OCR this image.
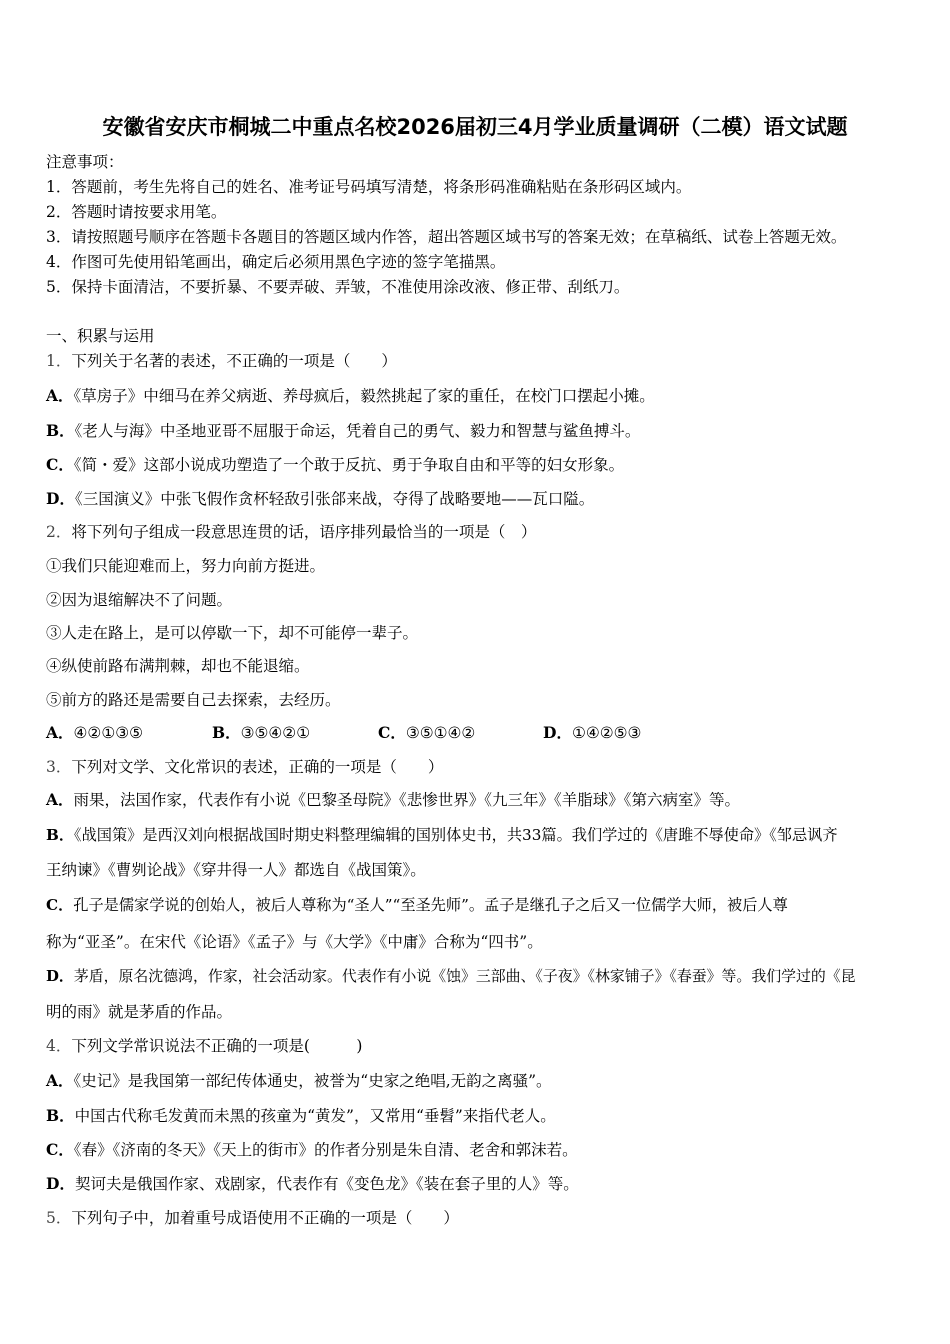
安徽省安庆市桐城二中重点名校2026届初三4月学业质量调研（二模）语文试题
注意事项：
1．答题前，考生先将自己的姓名、准考证号码填写清楚，将条形码准确粘贴在条形码区域内。
2．答题时请按要求用笔。
3．请按照题号顺序在答题卡各题目的答题区域内作答，超出答题区域书写的答案无效；在草稿纸、试卷上答题无效。
4．作图可先使用铅笔画出，确定后必须用黑色字迹的签字笔描黑。
5．保持卡面清洁，不要折暴、不要弄破、弄皱，不准使用涂改液、修正带、刮纸刀。
一、积累与运用
1．下列关于名著的表述，不正确的一项是（　　）
A．《草房子》中细马在养父病逝、养母疯后，毅然挑起了家的重任，在校门口摆起小摊。
B．《老人与海》中圣地亚哥不屈服于命运，凭着自己的勇气、毅力和智慧与鲨鱼搏斗。
C．《简・爱》这部小说成功塑造了一个敢于反抗、勇于争取自由和平等的妇女形象。
D．《三国演义》中张飞假作贪杯轻敌引张郃来战，夺得了战略要地——瓦口隘。
2．将下列句子组成一段意思连贯的话，语序排列最恰当的一项是（　）
①我们只能迎难而上，努力向前方挺进。
②因为退缩解决不了问题。
③人走在路上，是可以停歇一下，却不可能停一辈子。
④纵使前路布满荆棘，却也不能退缩。
⑤前方的路还是需要自己去探索，去经历。
A．④②①③⑤	B．③⑤④②①	C．③⑤①④②	D．①④②⑤③
3．下列对文学、文化常识的表述，正确的一项是（　　）
A．雨果，法国作家，代表作有小说《巴黎圣母院》《悲惨世界》《九三年》《羊脂球》《第六病室》等。
B．《战国策》是西汉刘向根据战国时期史料整理编辑的国别体史书，共33篇。我们学过的《唐雎不辱使命》《邹忌讽齐
王纳谏》《曹刿论战》《穿井得一人》都选自《战国策》。
C．孔子是儒家学说的创始人，被后人尊称为“圣人”“至圣先师”。孟子是继孔子之后又一位儒学大师，被后人尊
称为“亚圣”。在宋代《论语》《孟子》与《大学》《中庸》合称为“四书”。
D．茅盾，原名沈德鸿，作家，社会活动家。代表作有小说《蚀》三部曲、《子夜》《林家铺子》《春蚕》等。我们学过的《昆
明的雨》就是茅盾的作品。
4．下列文学常识说法不正确的一项是(　　　)
A．《史记》是我国第一部纪传体通史，被誉为“史家之绝唱,无韵之离骚”。
B．中国古代称毛发黄而未黑的孩童为“黄发”，又常用“垂髫”来指代老人。
C．《春》《济南的冬天》《天上的街市》的作者分别是朱自清、老舍和郭沫若。
D．契诃夫是俄国作家、戏剧家，代表作有《变色龙》《装在套子里的人》等。
5．下列句子中，加着重号成语使用不正确的一项是（　　）
